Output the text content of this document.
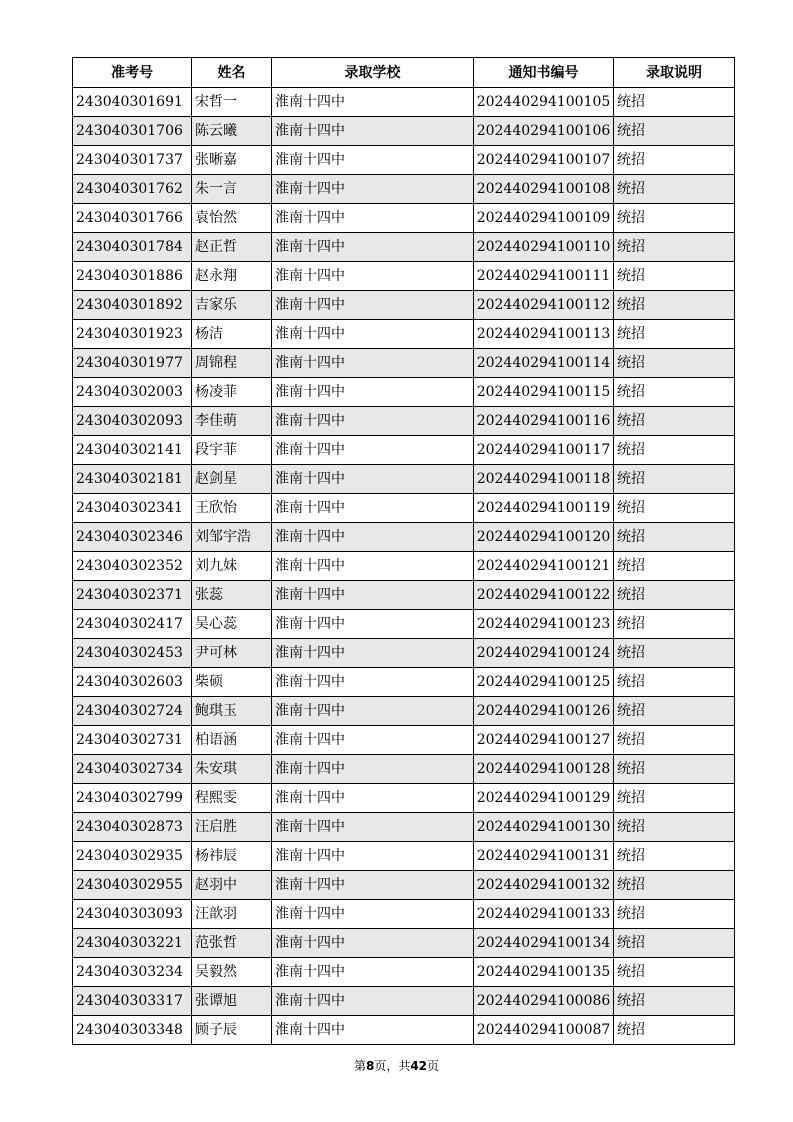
准考号	姓名	录取学校	通知书编号	录取说明
243040301691	宋哲一	淮南十四中	202440294100105	统招
243040301706	陈云曦	淮南十四中	202440294100106	统招
243040301737	张晰嘉	淮南十四中	202440294100107	统招
243040301762	朱一言	淮南十四中	202440294100108	统招
243040301766	袁怡然	淮南十四中	202440294100109	统招
243040301784	赵正哲	淮南十四中	202440294100110	统招
243040301886	赵永翔	淮南十四中	202440294100111	统招
243040301892	吉家乐	淮南十四中	202440294100112	统招
243040301923	杨洁	淮南十四中	202440294100113	统招
243040301977	周锦程	淮南十四中	202440294100114	统招
243040302003	杨凌菲	淮南十四中	202440294100115	统招
243040302093	李佳萌	淮南十四中	202440294100116	统招
243040302141	段宇菲	淮南十四中	202440294100117	统招
243040302181	赵剑星	淮南十四中	202440294100118	统招
243040302341	王欣怡	淮南十四中	202440294100119	统招
243040302346	刘邹宇浩	淮南十四中	202440294100120	统招
243040302352	刘九妹	淮南十四中	202440294100121	统招
243040302371	张蕊	淮南十四中	202440294100122	统招
243040302417	吴心蕊	淮南十四中	202440294100123	统招
243040302453	尹可林	淮南十四中	202440294100124	统招
243040302603	柴硕	淮南十四中	202440294100125	统招
243040302724	鲍琪玉	淮南十四中	202440294100126	统招
243040302731	柏语涵	淮南十四中	202440294100127	统招
243040302734	朱安琪	淮南十四中	202440294100128	统招
243040302799	程熙雯	淮南十四中	202440294100129	统招
243040302873	汪启胜	淮南十四中	202440294100130	统招
243040302935	杨祎辰	淮南十四中	202440294100131	统招
243040302955	赵羽中	淮南十四中	202440294100132	统招
243040303093	汪歆羽	淮南十四中	202440294100133	统招
243040303221	范张哲	淮南十四中	202440294100134	统招
243040303234	吴毅然	淮南十四中	202440294100135	统招
243040303317	张谭旭	淮南十四中	202440294100086	统招
243040303348	顾子辰	淮南十四中	202440294100087	统招
第8页，共42页
